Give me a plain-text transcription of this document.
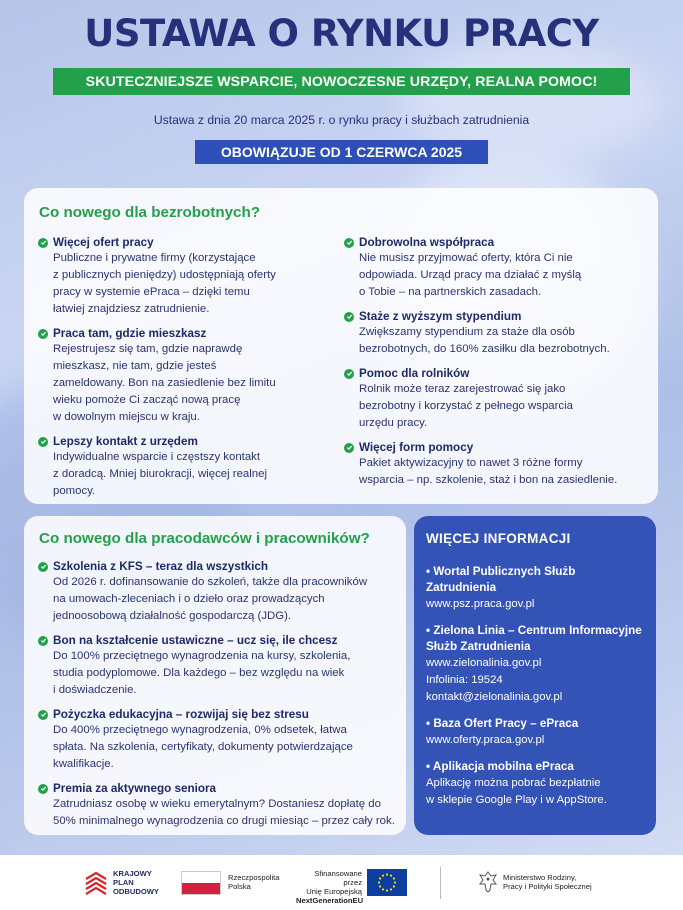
USTAWA O RYNKU PRACY
SKUTECZNIEJSZE WSPARCIE, NOWOCZESNE URZĘDY, REALNA POMOC!
Ustawa z dnia 20 marca 2025 r. o rynku pracy i służbach zatrudnienia
OBOWIĄZUJE OD 1 CZERWCA 2025
Co nowego dla bezrobotnych?
Więcej ofert pracy
Publiczne i prywatne firmy (korzystające
z publicznych pieniędzy) udostępniają oferty
pracy w systemie ePraca – dzięki temu
łatwiej znajdziesz zatrudnienie.
Praca tam, gdzie mieszkasz
Rejestrujesz się tam, gdzie naprawdę
mieszkasz, nie tam, gdzie jesteś
zameldowany. Bon na zasiedlenie bez limitu
wieku pomoże Ci zacząć nową pracę
w dowolnym miejscu w kraju.
Lepszy kontakt z urzędem
Indywidualne wsparcie i częstszy kontakt
z doradcą. Mniej biurokracji, więcej realnej
pomocy.
Dobrowolna współpraca
Nie musisz przyjmować oferty, która Ci nie
odpowiada. Urząd pracy ma działać z myślą
o Tobie – na partnerskich zasadach.
Staże z wyższym stypendium
Zwiększamy stypendium za staże dla osób
bezrobotnych, do 160% zasiłku dla bezrobotnych.
Pomoc dla rolników
Rolnik może teraz zarejestrować się jako
bezrobotny i korzystać z pełnego wsparcia
urzędu pracy.
Więcej form pomocy
Pakiet aktywizacyjny to nawet 3 różne formy
wsparcia – np. szkolenie, staż i bon na zasiedlenie.
Co nowego dla pracodawców i pracowników?
Szkolenia z KFS – teraz dla wszystkich
Od 2026 r. dofinansowanie do szkoleń, także dla pracowników
na umowach-zleceniach i o dzieło oraz prowadzących
jednoosobową działalność gospodarczą (JDG).
Bon na kształcenie ustawiczne – ucz się, ile chcesz
Do 100% przeciętnego wynagrodzenia na kursy, szkolenia,
studia podyplomowe. Dla każdego – bez względu na wiek
i doświadczenie.
Pożyczka edukacyjna – rozwijaj się bez stresu
Do 400% przeciętnego wynagrodzenia, 0% odsetek, łatwa
spłata. Na szkolenia, certyfikaty, dokumenty potwierdzające
kwalifikacje.
Premia za aktywnego seniora
Zatrudniasz osobę w wieku emerytalnym? Dostaniesz dopłatę do
50% minimalnego wynagrodzenia co drugi miesiąc – przez cały rok.
WIĘCEJ INFORMACJI
• Wortal Publicznych Służb Zatrudnienia
www.psz.praca.gov.pl
• Zielona Linia – Centrum Informacyjne
Służb Zatrudnienia
www.zielonalinia.gov.pl
Infolinia: 19524
kontakt@zielonalinia.gov.pl
• Baza Ofert Pracy – ePraca
www.oferty.praca.gov.pl
• Aplikacja mobilna ePraca
Aplikację można pobrać bezpłatnie
w sklepie Google Play i w AppStore.
KRAJOWY
PLAN
ODBUDOWY
Rzeczpospolita
Polska
Sfinansowane przez
Unię Europejską
NextGenerationEU
Ministerstwo Rodziny,
Pracy i Polityki Społecznej
